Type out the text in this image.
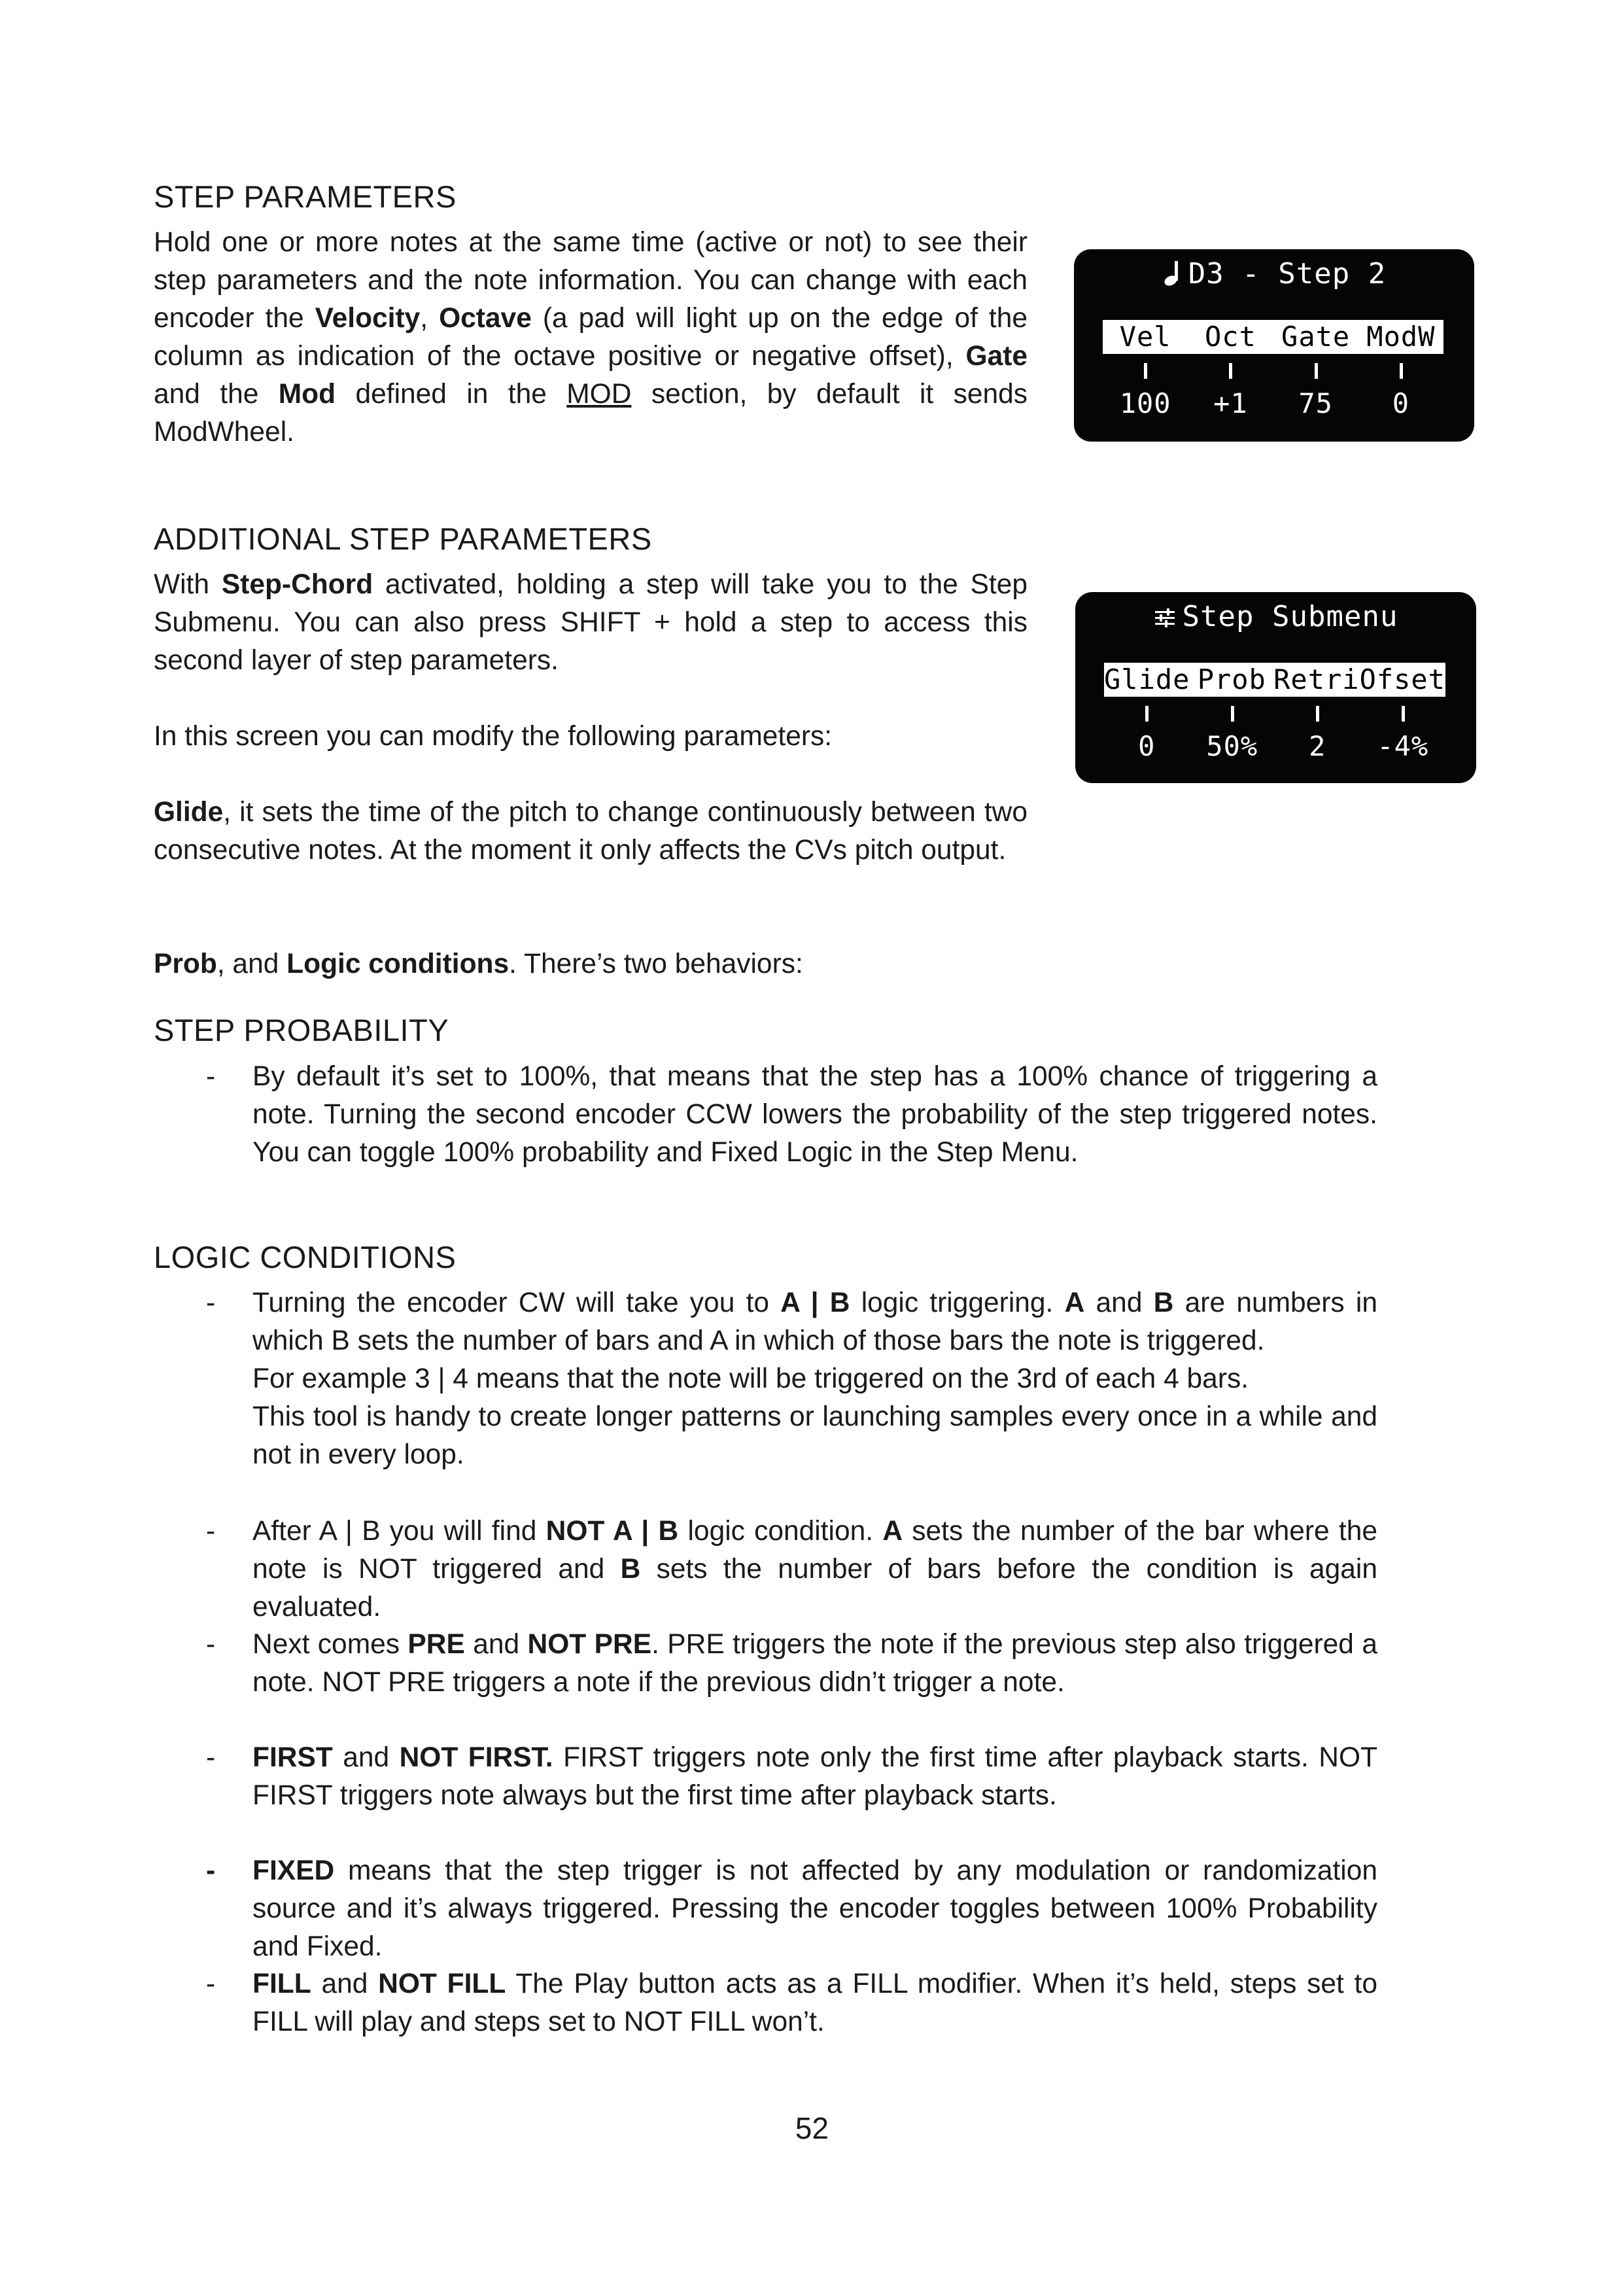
STEP PARAMETERS

Hold one or more notes at the same time (active or not) to see their step parameters and the note information. You can change with each encoder the Velocity, Octave (a pad will light up on the edge of the column as indication of the octave positive or negative offset), Gate and the Mod defined in the MOD section, by default it sends ModWheel.

D3 - Step 2
Vel	Oct Gate ModW
100	+1	75	0
ADDITIONAL STEP PARAMETERS

With Step-Chord activated, holding a step will take you to the Step Submenu. You can also press SHIFT + hold a step to access this second layer of step parameters.

In this screen you can modify the following parameters:

Glide, it sets the time of the pitch to change continuously between two consecutive notes. At the moment it only affects the CVs pitch output.

Prob, and Logic conditions. There’s two behaviors:

Step Submenu
Glide Prob Retri Ofset
0	50%	2	-4%
STEP PROBABILITY
- By default it’s set to 100%, that means that the step has a 100% chance of triggering a note. Turning the second encoder CCW lowers the probability of the step triggered notes. You can toggle 100% probability and Fixed Logic in the Step Menu.

LOGIC CONDITIONS
- Turning the encoder CW will take you to A | B logic triggering. A and B are numbers in which B sets the number of bars and A in which of those bars the note is triggered.

For example 3 | 4 means that the note will be triggered on the 3rd of each 4 bars.

This tool is handy to create longer patterns or launching samples every once in a while and not in every loop.

- After A | B you will find NOT A | B logic condition. A sets the number of the bar where the note is NOT triggered and B sets the number of bars before the condition is again evaluated.

- Next comes PRE and NOT PRE. PRE triggers the note if the previous step also triggered a note. NOT PRE triggers a note if the previous didn’t trigger a note.

- FIRST and NOT FIRST. FIRST triggers note only the first time after playback starts. NOT FIRST triggers note always but the first time after playback starts.

- FIXED means that the step trigger is not affected by any modulation or randomization source and it’s always triggered. Pressing the encoder toggles between 100% Probability and Fixed.

- FILL and NOT FILL The Play button acts as a FILL modifier. When it’s held, steps set to FILL will play and steps set to NOT FILL won’t.

52
